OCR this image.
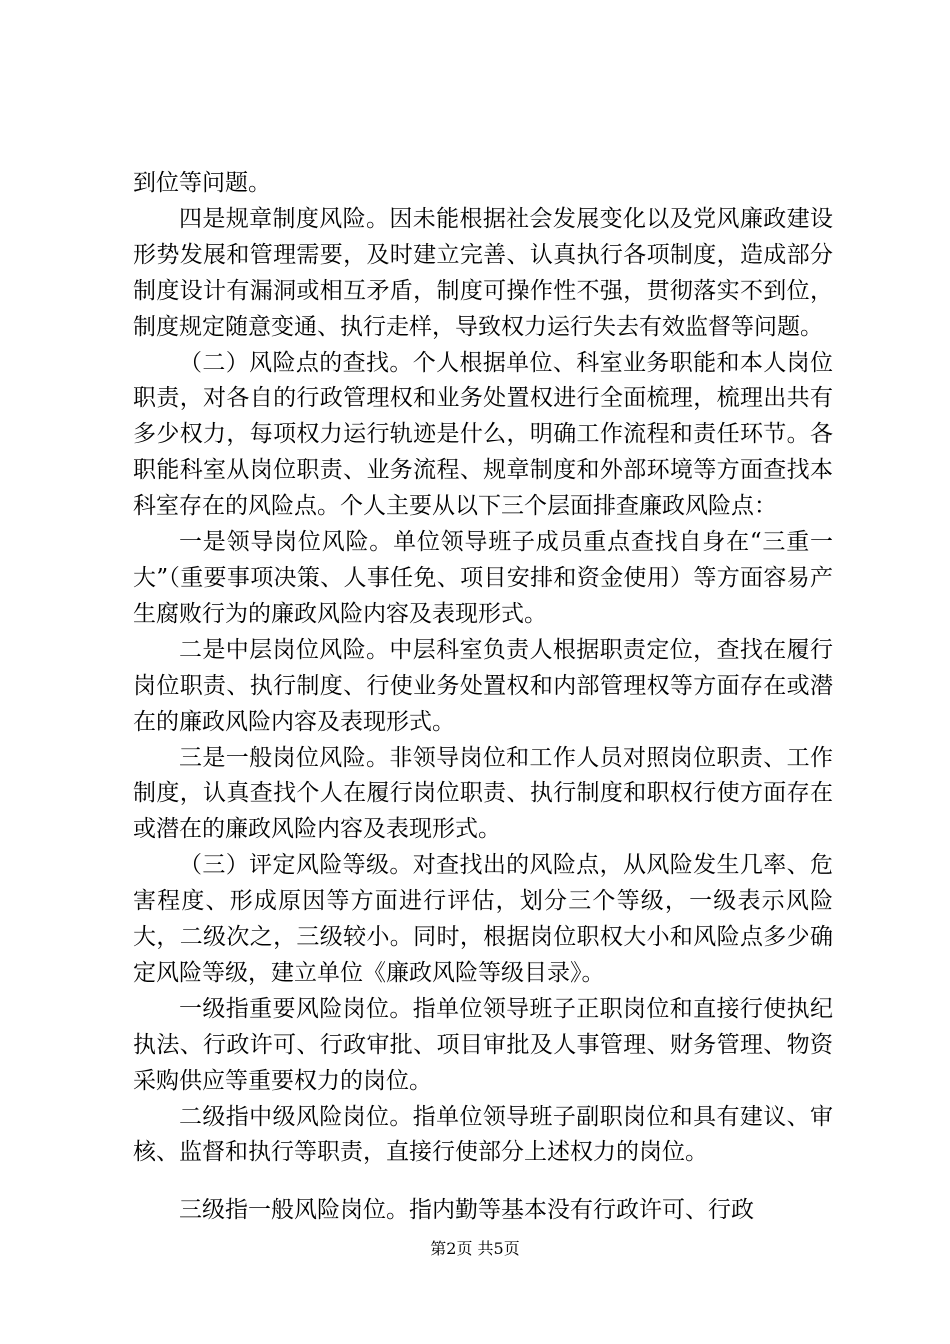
到位等问题。

四是规章制度风险。因未能根据社会发展变化以及党风廉政建设形势发展和管理需要，及时建立完善、认真执行各项制度，造成部分制度设计有漏洞或相互矛盾，制度可操作性不强，贯彻落实不到位，制度规定随意变通、执行走样，导致权力运行失去有效监督等问题。

（二）风险点的查找。个人根据单位、科室业务职能和本人岗位职责，对各自的行政管理权和业务处置权进行全面梳理，梳理出共有多少权力，每项权力运行轨迹是什么，明确工作流程和责任环节。各职能科室从岗位职责、业务流程、规章制度和外部环境等方面查找本科室存在的风险点。个人主要从以下三个层面排查廉政风险点：

一是领导岗位风险。单位领导班子成员重点查找自身在“三重一大”（重要事项决策、人事任免、项目安排和资金使用）等方面容易产生腐败行为的廉政风险内容及表现形式。

二是中层岗位风险。中层科室负责人根据职责定位，查找在履行岗位职责、执行制度、行使业务处置权和内部管理权等方面存在或潜在的廉政风险内容及表现形式。

三是一般岗位风险。非领导岗位和工作人员对照岗位职责、工作制度，认真查找个人在履行岗位职责、执行制度和职权行使方面存在或潜在的廉政风险内容及表现形式。

（三）评定风险等级。对查找出的风险点，从风险发生几率、危害程度、形成原因等方面进行评估，划分三个等级，一级表示风险大，二级次之，三级较小。同时，根据岗位职权大小和风险点多少确定风险等级，建立单位《廉政风险等级目录》。

一级指重要风险岗位。指单位领导班子正职岗位和直接行使执纪执法、行政许可、行政审批、项目审批及人事管理、财务管理、物资采购供应等重要权力的岗位。

二级指中级风险岗位。指单位领导班子副职岗位和具有建议、审核、监督和执行等职责，直接行使部分上述权力的岗位。

三级指一般风险岗位。指内勤等基本没有行政许可、行政

第2页 共5页
